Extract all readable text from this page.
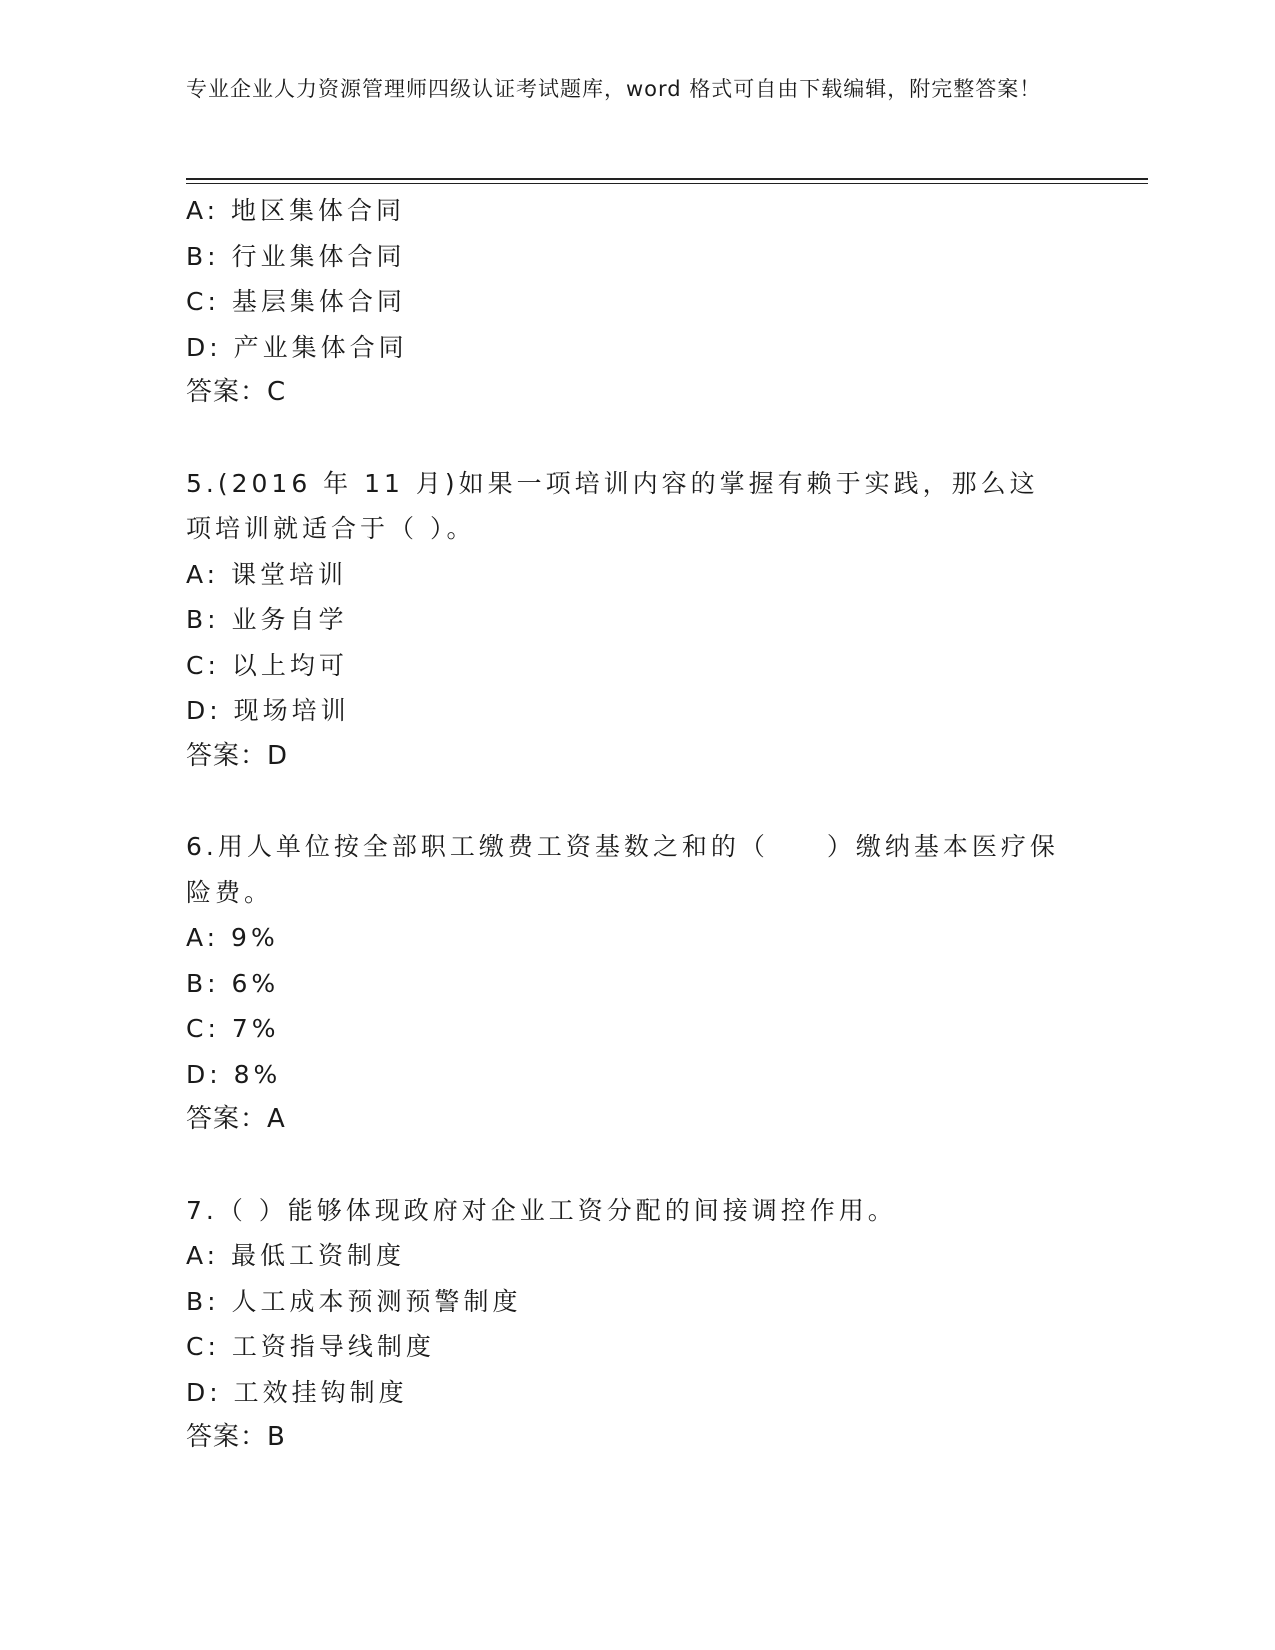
专业企业人力资源管理师四级认证考试题库，word 格式可自由下载编辑，附完整答案！
A: 地区集体合同
B: 行业集体合同
C: 基层集体合同
D: 产业集体合同
答案：C
5.(2016 年 11 月)如果一项培训内容的掌握有赖于实践，那么这项培训就适合于（ ）。
A: 课堂培训
B: 业务自学
C: 以上均可
D: 现场培训
答案：D
6.用人单位按全部职工缴费工资基数之和的（　　）缴纳基本医疗保险费。
A: 9%
B: 6%
C: 7%
D: 8%
答案：A
7.（ ）能够体现政府对企业工资分配的间接调控作用。
A: 最低工资制度
B: 人工成本预测预警制度
C: 工资指导线制度
D: 工效挂钩制度
答案：B
